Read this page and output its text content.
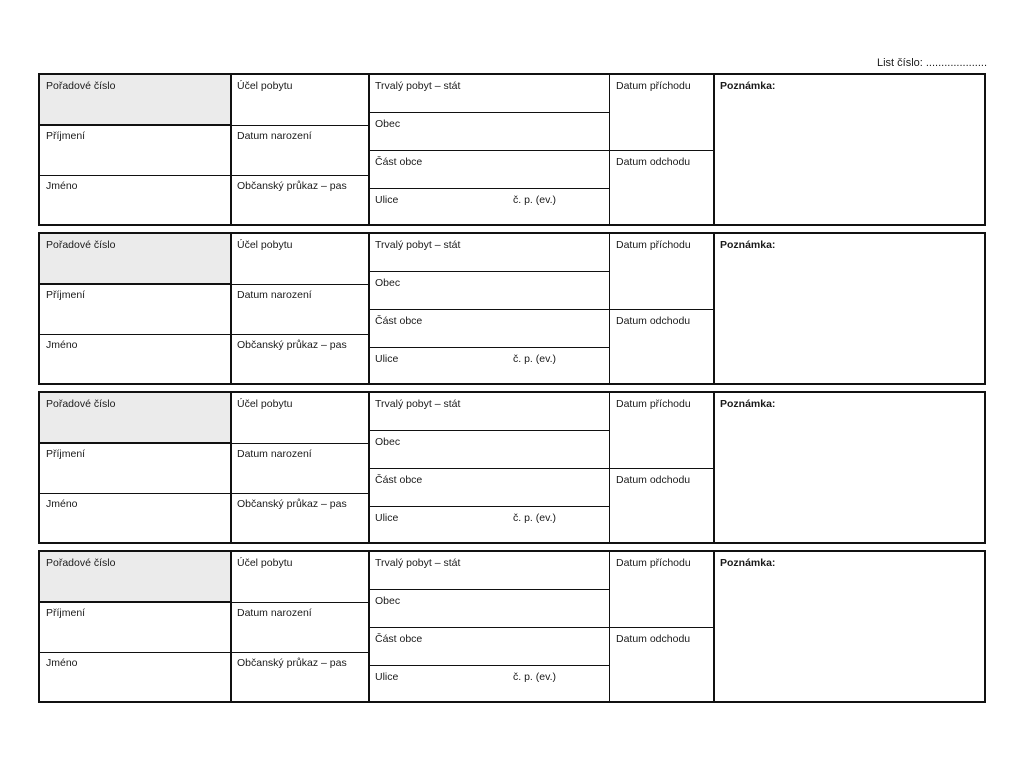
List číslo: ....................
Pořadové číslo
Příjmení
Jméno
Účel pobytu
Datum narození
Občanský průkaz – pas
Trvalý pobyt – stát
Obec
Část obce
Ulice	č. p. (ev.)
Datum příchodu
Datum odchodu
Poznámka:
Pořadové číslo
Příjmení
Jméno
Účel pobytu
Datum narození
Občanský průkaz – pas
Trvalý pobyt – stát
Obec
Část obce
Ulice	č. p. (ev.)
Datum příchodu
Datum odchodu
Poznámka:
Pořadové číslo
Příjmení
Jméno
Účel pobytu
Datum narození
Občanský průkaz – pas
Trvalý pobyt – stát
Obec
Část obce
Ulice	č. p. (ev.)
Datum příchodu
Datum odchodu
Poznámka:
Pořadové číslo
Příjmení
Jméno
Účel pobytu
Datum narození
Občanský průkaz – pas
Trvalý pobyt – stát
Obec
Část obce
Ulice	č. p. (ev.)
Datum příchodu
Datum odchodu
Poznámka:
